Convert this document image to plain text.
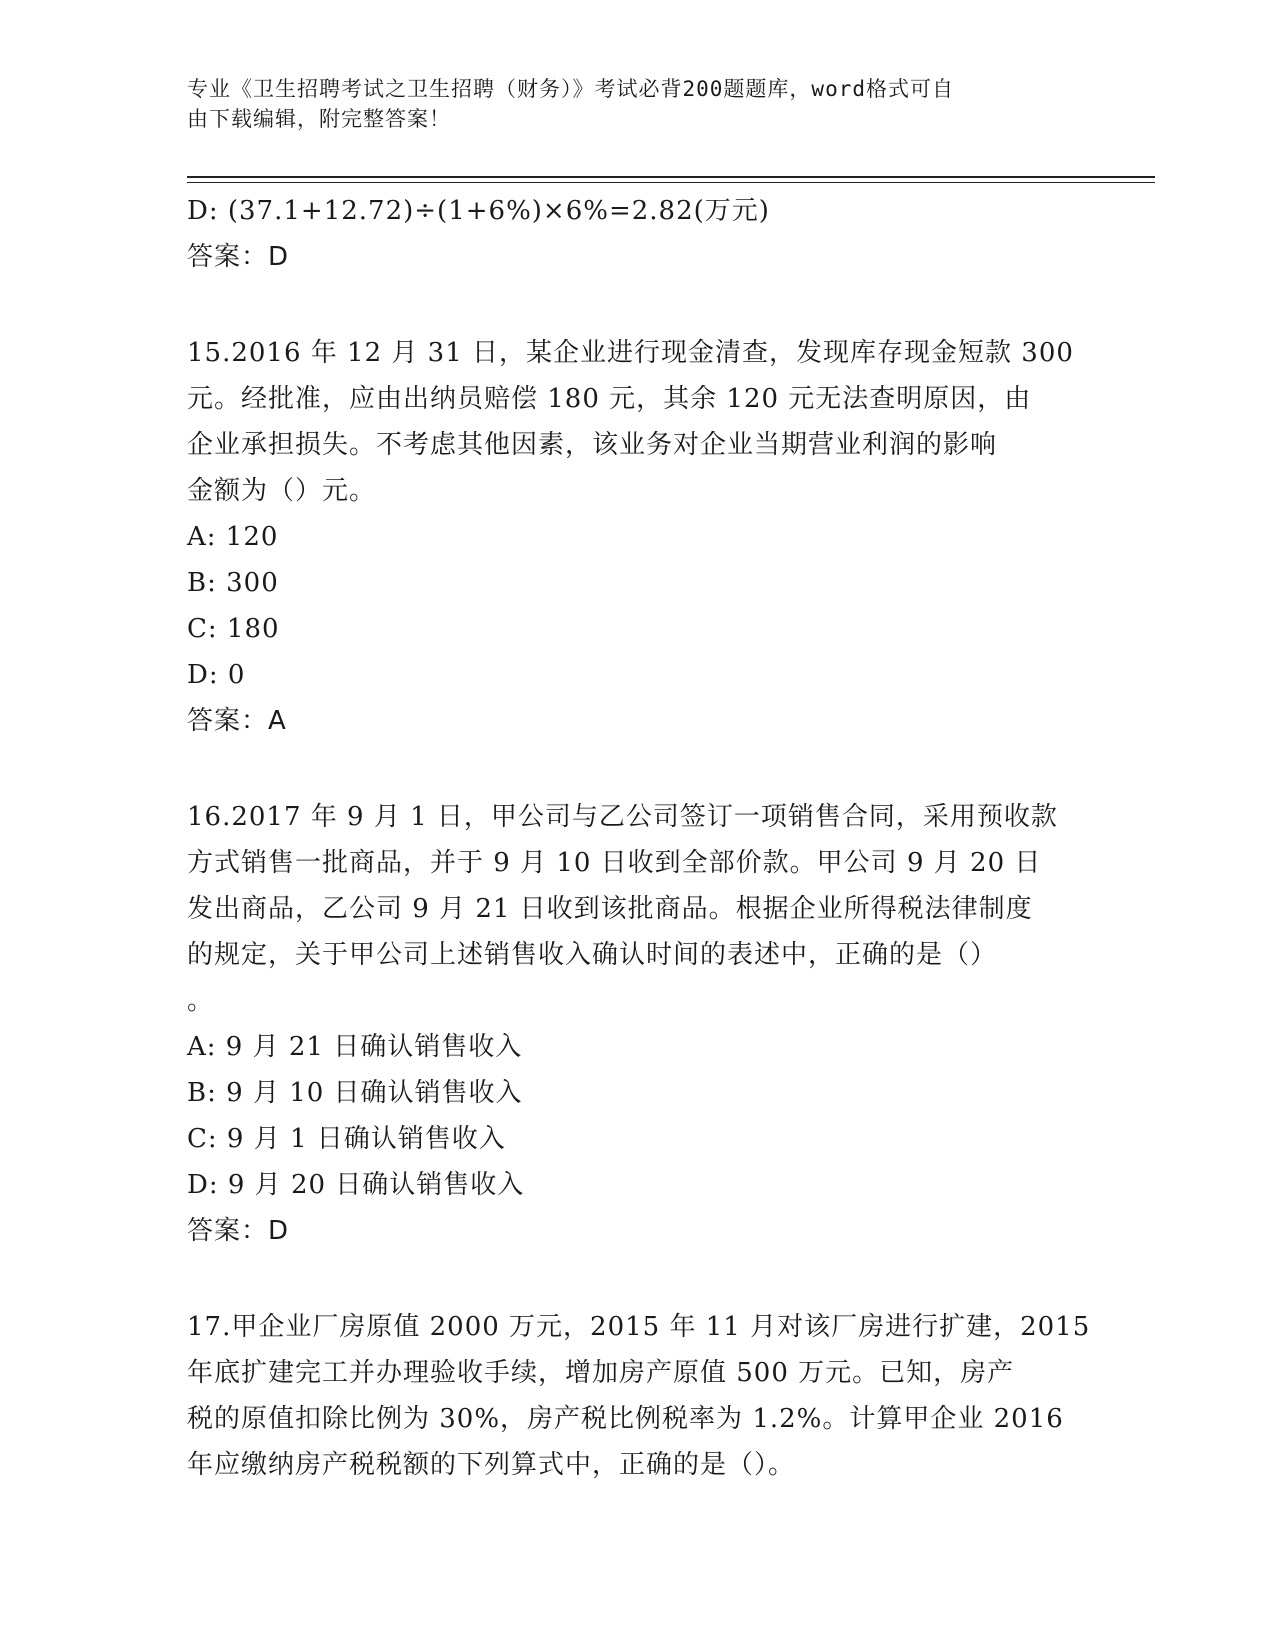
专业《卫生招聘考试之卫生招聘（财务）》考试必背200题题库，word格式可自
由下载编辑，附完整答案！
D: (37.1+12.72)÷(1+6%)×6%=2.82(万元)
答案：D
15.2016 年 12 月 31 日，某企业进行现金清查，发现库存现金短款 300
元。经批准，应由出纳员赔偿 180 元，其余 120 元无法查明原因，由
企业承担损失。不考虑其他因素，该业务对企业当期营业利润的影响
金额为（）元。
A: 120
B: 300
C: 180
D: 0
答案：A
16.2017 年 9 月 1 日，甲公司与乙公司签订一项销售合同，采用预收款
方式销售一批商品，并于 9 月 10 日收到全部价款。甲公司 9 月 20 日
发出商品，乙公司 9 月 21 日收到该批商品。根据企业所得税法律制度
的规定，关于甲公司上述销售收入确认时间的表述中，正确的是（）
。
A: 9 月 21 日确认销售收入
B: 9 月 10 日确认销售收入
C: 9 月 1 日确认销售收入
D: 9 月 20 日确认销售收入
答案：D
17.甲企业厂房原值 2000 万元，2015 年 11 月对该厂房进行扩建，2015
年底扩建完工并办理验收手续，增加房产原值 500 万元。已知，房产
税的原值扣除比例为 30%，房产税比例税率为 1.2%。计算甲企业 2016
年应缴纳房产税税额的下列算式中，正确的是（）。
